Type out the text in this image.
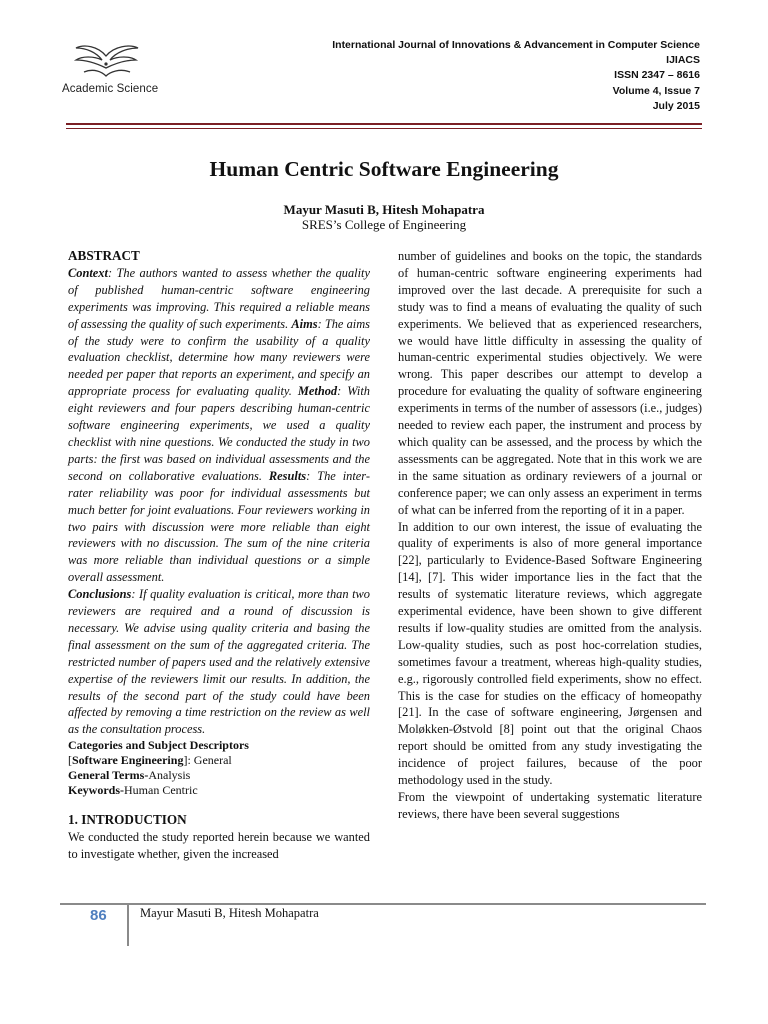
Academic Science
International Journal of Innovations & Advancement in Computer Science
IJIACS
ISSN 2347 – 8616
Volume 4, Issue 7
July 2015
Human Centric Software Engineering
Mayur Masuti B, Hitesh Mohapatra
SRES’s College of Engineering

ABSTRACT

Context: The authors wanted to assess whether the quality of published human-centric software engineering experiments was improving. This required a reliable means of assessing the quality of such experiments. Aims: The aims of the study were to confirm the usability of a quality evaluation checklist, determine how many reviewers were needed per paper that reports an experiment, and specify an appropriate process for evaluating quality. Method: With eight reviewers and four papers describing human-centric software engineering experiments, we used a quality checklist with nine questions. We conducted the study in two parts: the first was based on individual assessments and the second on collaborative evaluations. Results: The inter-rater reliability was poor for individual assessments but much better for joint evaluations. Four reviewers working in two pairs with discussion were more reliable than eight reviewers with no discussion. The sum of the nine criteria was more reliable than individual questions or a simple overall assessment.
Conclusions: If quality evaluation is critical, more than two reviewers are required and a round of discussion is necessary. We advise using quality criteria and basing the final assessment on the sum of the aggregated criteria. The restricted number of papers used and the relatively extensive expertise of the reviewers limit our results. In addition, the results of the second part of the study could have been affected by removing a time restriction on the review as well as the consultation process.

Categories and Subject Descriptors

[Software Engineering]: General

General Terms-Analysis

Keywords-Human Centric

1. INTRODUCTION

We conducted the study reported herein because we wanted to investigate whether, given the increased

number of guidelines and books on the topic, the standards of human-centric software engineering experiments had improved over the last decade. A prerequisite for such a study was to find a means of evaluating the quality of such experiments. We believed that as experienced researchers, we would have little difficulty in assessing the quality of human-centric experimental studies objectively. We were wrong. This paper describes our attempt to develop a procedure for evaluating the quality of software engineering experiments in terms of the number of assessors (i.e., judges) needed to review each paper, the instrument and process by which quality can be assessed, and the process by which the assessments can be aggregated. Note that in this work we are in the same situation as ordinary reviewers of a journal or conference paper; we can only assess an experiment in terms of what can be inferred from the reporting of it in a paper.

In addition to our own interest, the issue of evaluating the quality of experiments is also of more general importance [22], particularly to Evidence-Based Software Engineering [14], [7]. This wider importance lies in the fact that the results of systematic literature reviews, which aggregate experimental evidence, have been shown to give different results if low-quality studies are omitted from the analysis. Low-quality studies, such as post hoc-correlation studies, sometimes favour a treatment, whereas high-quality studies, e.g., rigorously controlled field experiments, show no effect. This is the case for studies on the efficacy of homeopathy [21]. In the case of software engineering, Jørgensen and Moløkken-Østvold [8] point out that the original Chaos report should be omitted from any study investigating the incidence of project failures, because of the poor methodology used in the study.

From the viewpoint of undertaking systematic literature reviews, there have been several suggestions

86	Mayur Masuti B, Hitesh Mohapatra
